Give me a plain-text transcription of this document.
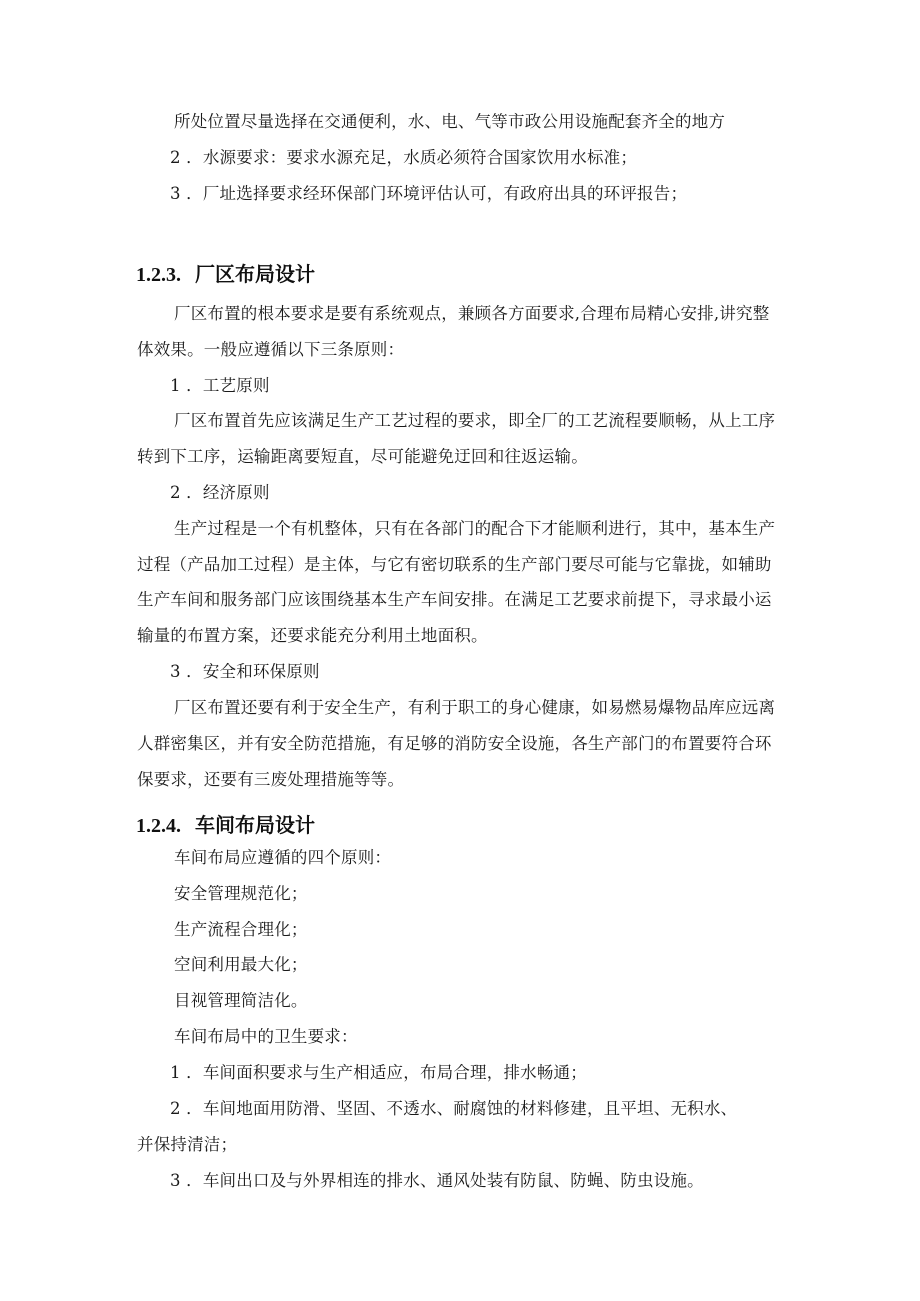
所处位置尽量选择在交通便利，水、电、气等市政公用设施配套齐全的地方
2 ．水源要求：要求水源充足，水质必须符合国家饮用水标准；
3 ．厂址选择要求经环保部门环境评估认可，有政府出具的环评报告；
1.2.3. 厂区布局设计
厂区布置的根本要求是要有系统观点，兼顾各方面要求,合理布局精心安排,讲究整
体效果。一般应遵循以下三条原则：
1 ．工艺原则
厂区布置首先应该满足生产工艺过程的要求，即全厂的工艺流程要顺畅，从上工序
转到下工序，运输距离要短直，尽可能避免迂回和往返运输。
2 ．经济原则
生产过程是一个有机整体，只有在各部门的配合下才能顺利进行，其中，基本生产
过程（产品加工过程）是主体，与它有密切联系的生产部门要尽可能与它靠拢，如辅助
生产车间和服务部门应该围绕基本生产车间安排。在满足工艺要求前提下，寻求最小运
输量的布置方案，还要求能充分利用土地面积。
3 ．安全和环保原则
厂区布置还要有利于安全生产，有利于职工的身心健康，如易燃易爆物品库应远离
人群密集区，并有安全防范措施，有足够的消防安全设施，各生产部门的布置要符合环
保要求，还要有三废处理措施等等。
1.2.4. 车间布局设计
车间布局应遵循的四个原则：
安全管理规范化；
生产流程合理化；
空间利用最大化；
目视管理简洁化。
车间布局中的卫生要求：
1 ．车间面积要求与生产相适应，布局合理，排水畅通；
2 ．车间地面用防滑、坚固、不透水、耐腐蚀的材料修建，且平坦、无积水、
并保持清洁；
3 ．车间出口及与外界相连的排水、通风处装有防鼠、防蝇、防虫设施。
